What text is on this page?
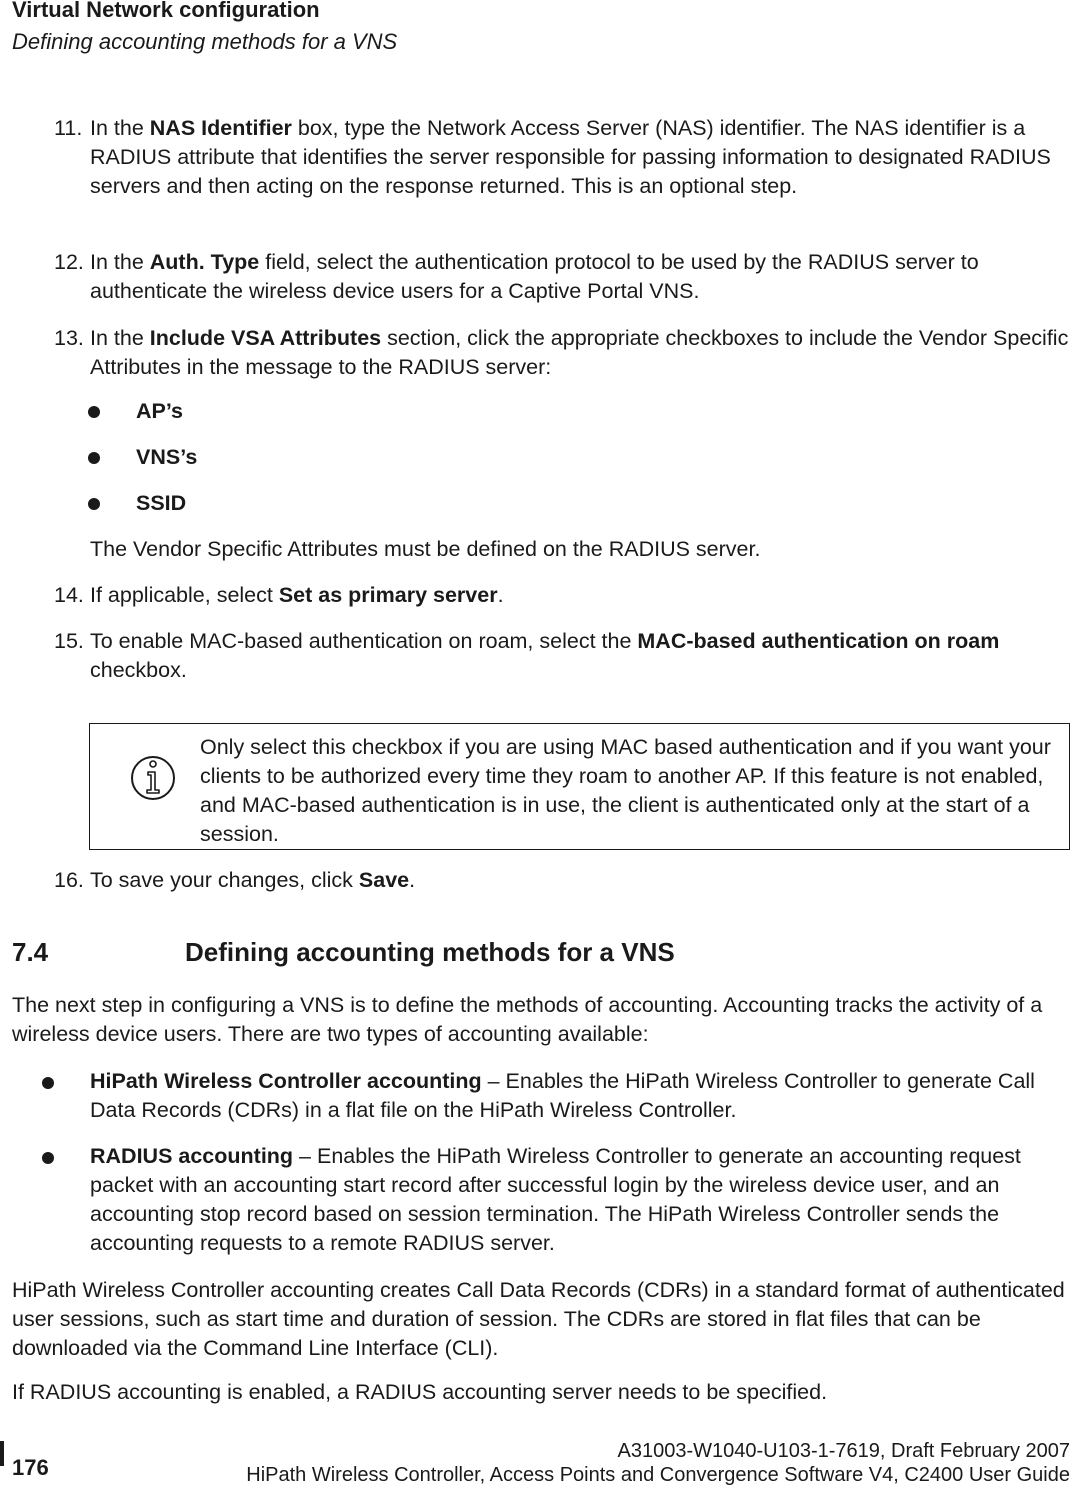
Virtual Network configuration
Defining accounting methods for a VNS
11. In the NAS Identifier box, type the Network Access Server (NAS) identifier. The NAS identifier is a RADIUS attribute that identifies the server responsible for passing information to designated RADIUS servers and then acting on the response returned. This is an optional step.
12. In the Auth. Type field, select the authentication protocol to be used by the RADIUS server to authenticate the wireless device users for a Captive Portal VNS.
13. In the Include VSA Attributes section, click the appropriate checkboxes to include the Vendor Specific Attributes in the message to the RADIUS server:
AP’s
VNS’s
SSID
The Vendor Specific Attributes must be defined on the RADIUS server.
14. If applicable, select Set as primary server.
15. To enable MAC-based authentication on roam, select the MAC-based authentication on roam checkbox.
Only select this checkbox if you are using MAC based authentication and if you want your clients to be authorized every time they roam to another AP. If this feature is not enabled, and MAC-based authentication is in use, the client is authenticated only at the start of a session.
16. To save your changes, click Save.
7.4	Defining accounting methods for a VNS
The next step in configuring a VNS is to define the methods of accounting. Accounting tracks the activity of a wireless device users. There are two types of accounting available:
HiPath Wireless Controller accounting – Enables the HiPath Wireless Controller to generate Call Data Records (CDRs) in a flat file on the HiPath Wireless Controller.
RADIUS accounting – Enables the HiPath Wireless Controller to generate an accounting request packet with an accounting start record after successful login by the wireless device user, and an accounting stop record based on session termination. The HiPath Wireless Controller sends the accounting requests to a remote RADIUS server.
HiPath Wireless Controller accounting creates Call Data Records (CDRs) in a standard format of authenticated user sessions, such as start time and duration of session. The CDRs are stored in flat files that can be downloaded via the Command Line Interface (CLI).
If RADIUS accounting is enabled, a RADIUS accounting server needs to be specified.
176
A31003-W1040-U103-1-7619, Draft February 2007
HiPath Wireless Controller, Access Points and Convergence Software V4, C2400 User Guide
